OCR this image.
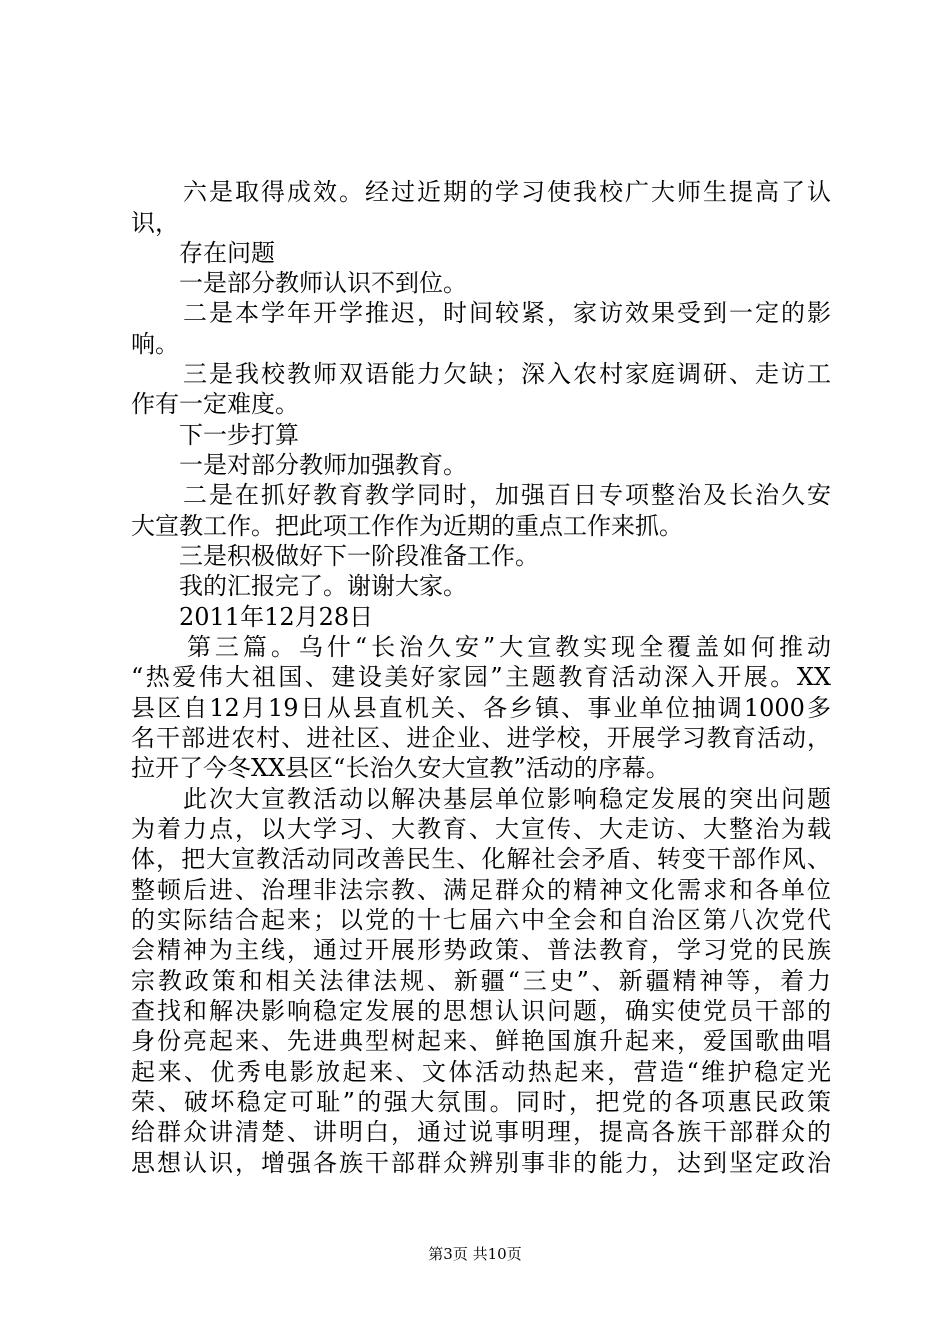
　　六是取得成效。经过近期的学习使我校广大师生提高了认
识，
　　存在问题
　　一是部分教师认识不到位。
　　二是本学年开学推迟，时间较紧，家访效果受到一定的影
响。
　　三是我校教师双语能力欠缺；深入农村家庭调研、走访工
作有一定难度。
　　下一步打算
　　一是对部分教师加强教育。
　　二是在抓好教育教学同时，加强百日专项整治及长治久安
大宣教工作。把此项工作作为近期的重点工作来抓。
　　三是积极做好下一阶段准备工作。
　　我的汇报完了。谢谢大家。
　　2011年12月28日
　　第三篇。乌什“长治久安”大宣教实现全覆盖如何推动
“热爱伟大祖国、建设美好家园”主题教育活动深入开展。XX
县区自12月19日从县直机关、各乡镇、事业单位抽调1000多
名干部进农村、进社区、进企业、进学校，开展学习教育活动，
拉开了今冬XX县区“长治久安大宣教”活动的序幕。
　　此次大宣教活动以解决基层单位影响稳定发展的突出问题
为着力点，以大学习、大教育、大宣传、大走访、大整治为载
体，把大宣教活动同改善民生、化解社会矛盾、转变干部作风、
整顿后进、治理非法宗教、满足群众的精神文化需求和各单位
的实际结合起来；以党的十七届六中全会和自治区第八次党代
会精神为主线，通过开展形势政策、普法教育，学习党的民族
宗教政策和相关法律法规、新疆“三史”、新疆精神等，着力
查找和解决影响稳定发展的思想认识问题，确实使党员干部的
身份亮起来、先进典型树起来、鲜艳国旗升起来，爱国歌曲唱
起来、优秀电影放起来、文体活动热起来，营造“维护稳定光
荣、破坏稳定可耻”的强大氛围。同时，把党的各项惠民政策
给群众讲清楚、讲明白，通过说事明理，提高各族干部群众的
思想认识，增强各族干部群众辨别事非的能力，达到坚定政治
第3页 共10页
